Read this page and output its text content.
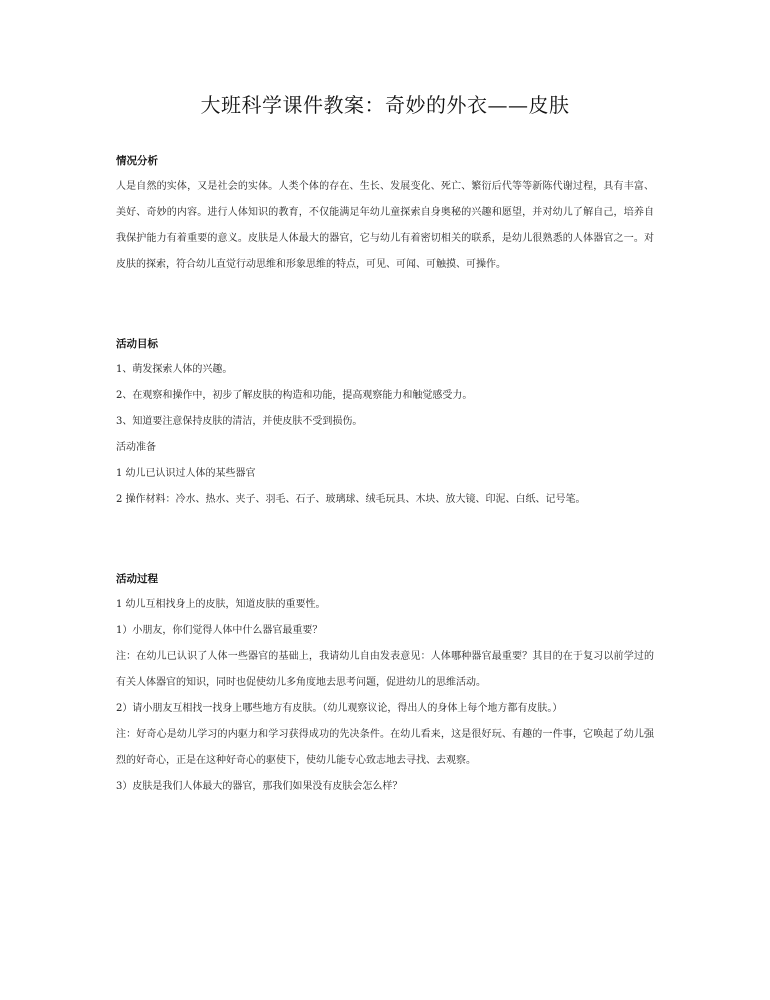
大班科学课件教案：奇妙的外衣——皮肤

情况分析

人是自然的实体，又是社会的实体。人类个体的存在、生长、发展变化、死亡、繁衍后代等等新陈代谢过程，具有丰富、美好、奇妙的内容。进行人体知识的教育，不仅能满足年幼儿童探索自身奥秘的兴趣和愿望，并对幼儿了解自己，培养自我保护能力有着重要的意义。皮肤是人体最大的器官，它与幼儿有着密切相关的联系，是幼儿很熟悉的人体器官之一。对皮肤的探索，符合幼儿直觉行动思维和形象思维的特点，可见、可闻、可触摸、可操作。

活动目标

1、萌发探索人体的兴趣。

2、在观察和操作中，初步了解皮肤的构造和功能，提高观察能力和触觉感受力。

3、知道要注意保持皮肤的清洁，并使皮肤不受到损伤。

活动准备

1 幼儿已认识过人体的某些器官

2 操作材料：冷水、热水、夹子、羽毛、石子、玻璃球、绒毛玩具、木块、放大镜、印泥、白纸、记号笔。

活动过程

1 幼儿互相找身上的皮肤，知道皮肤的重要性。

1）小朋友，你们觉得人体中什么器官最重要？

注：在幼儿已认识了人体一些器官的基础上，我请幼儿自由发表意见：人体哪种器官最重要？其目的在于复习以前学过的有关人体器官的知识，同时也促使幼儿多角度地去思考问题，促进幼儿的思维活动。

2）请小朋友互相找一找身上哪些地方有皮肤。（幼儿观察议论，得出人的身体上每个地方都有皮肤。）

注：好奇心是幼儿学习的内驱力和学习获得成功的先决条件。在幼儿看来，这是很好玩、有趣的一件事，它唤起了幼儿强烈的好奇心，正是在这种好奇心的驱使下，使幼儿能专心致志地去寻找、去观察。

3）皮肤是我们人体最大的器官，那我们如果没有皮肤会怎么样？
